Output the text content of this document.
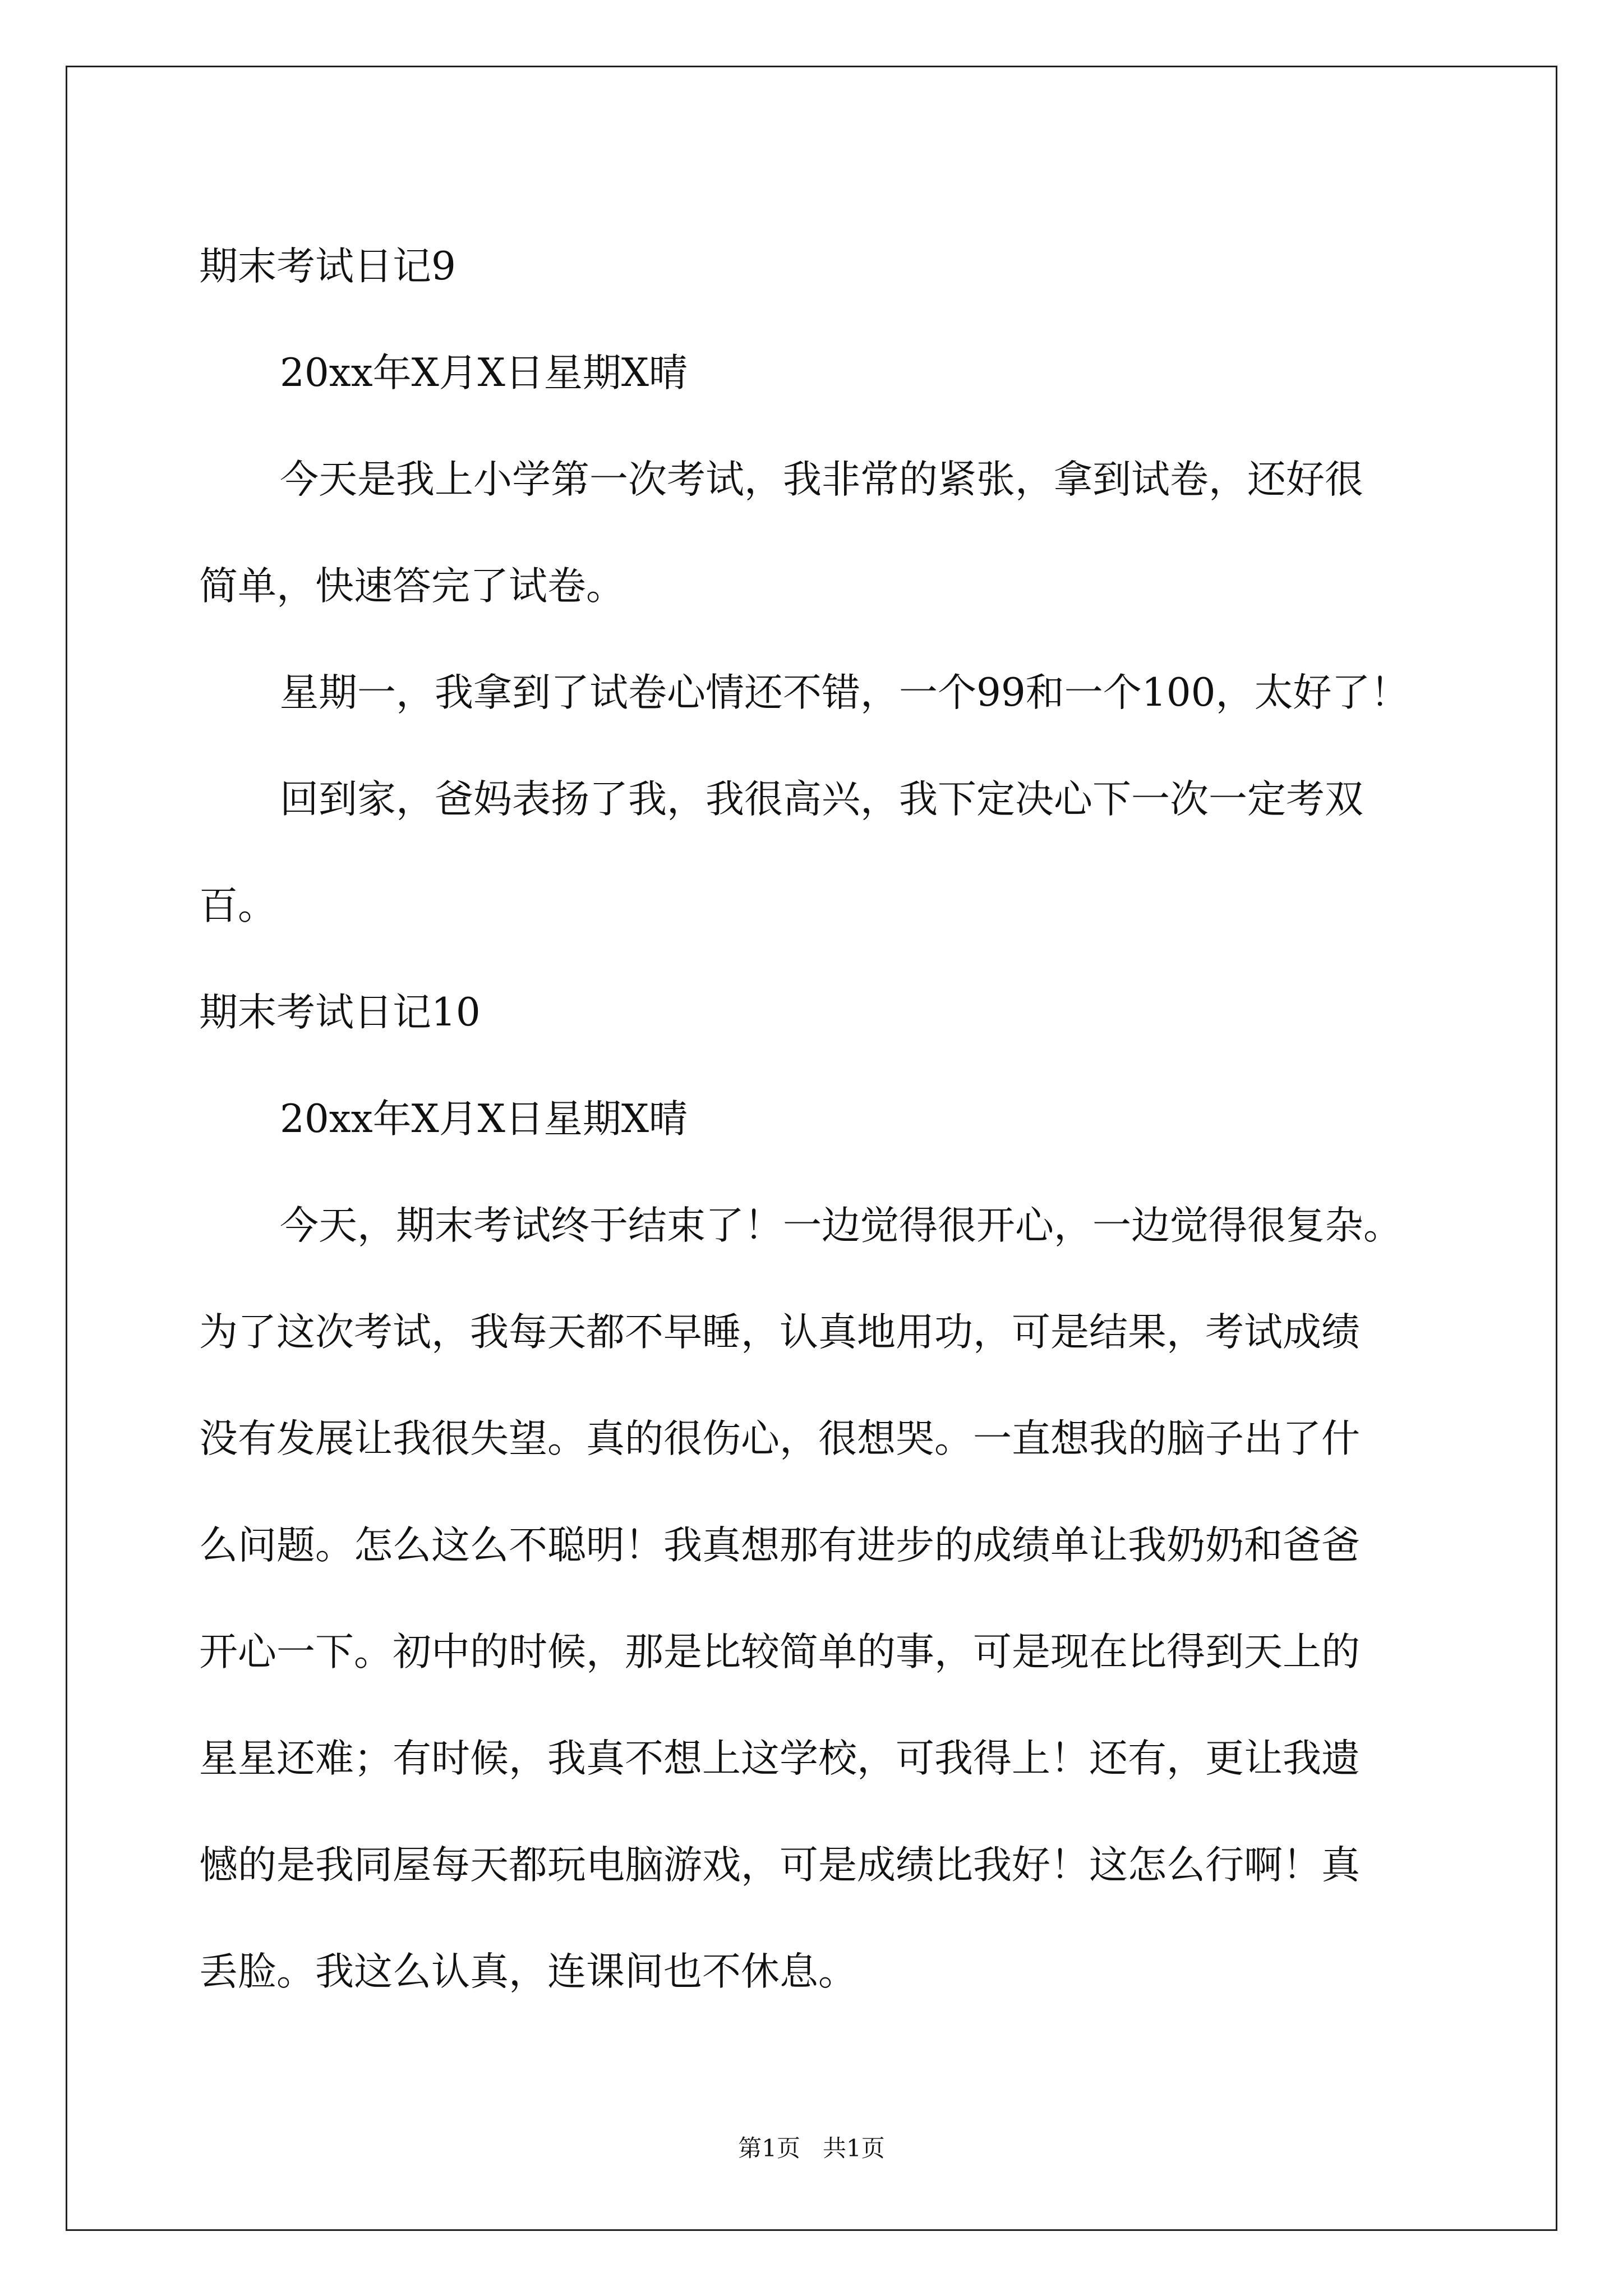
期末考试日记9
20xx年X月X日星期X晴
今天是我上小学第一次考试，我非常的紧张，拿到试卷，还好很
简单，快速答完了试卷。
星期一，我拿到了试卷心情还不错，一个99和一个100，太好了！
回到家，爸妈表扬了我，我很高兴，我下定决心下一次一定考双
百。
期末考试日记10
20xx年X月X日星期X晴
今天，期末考试终于结束了！一边觉得很开心，一边觉得很复杂。
为了这次考试，我每天都不早睡，认真地用功，可是结果，考试成绩
没有发展让我很失望。真的很伤心，很想哭。一直想我的脑子出了什
么问题。怎么这么不聪明！我真想那有进步的成绩单让我奶奶和爸爸
开心一下。初中的时候，那是比较简单的事，可是现在比得到天上的
星星还难；有时候，我真不想上这学校，可我得上！还有，更让我遗
憾的是我同屋每天都玩电脑游戏，可是成绩比我好！这怎么行啊！真
丢脸。我这么认真，连课间也不休息。
第1页   共1页
